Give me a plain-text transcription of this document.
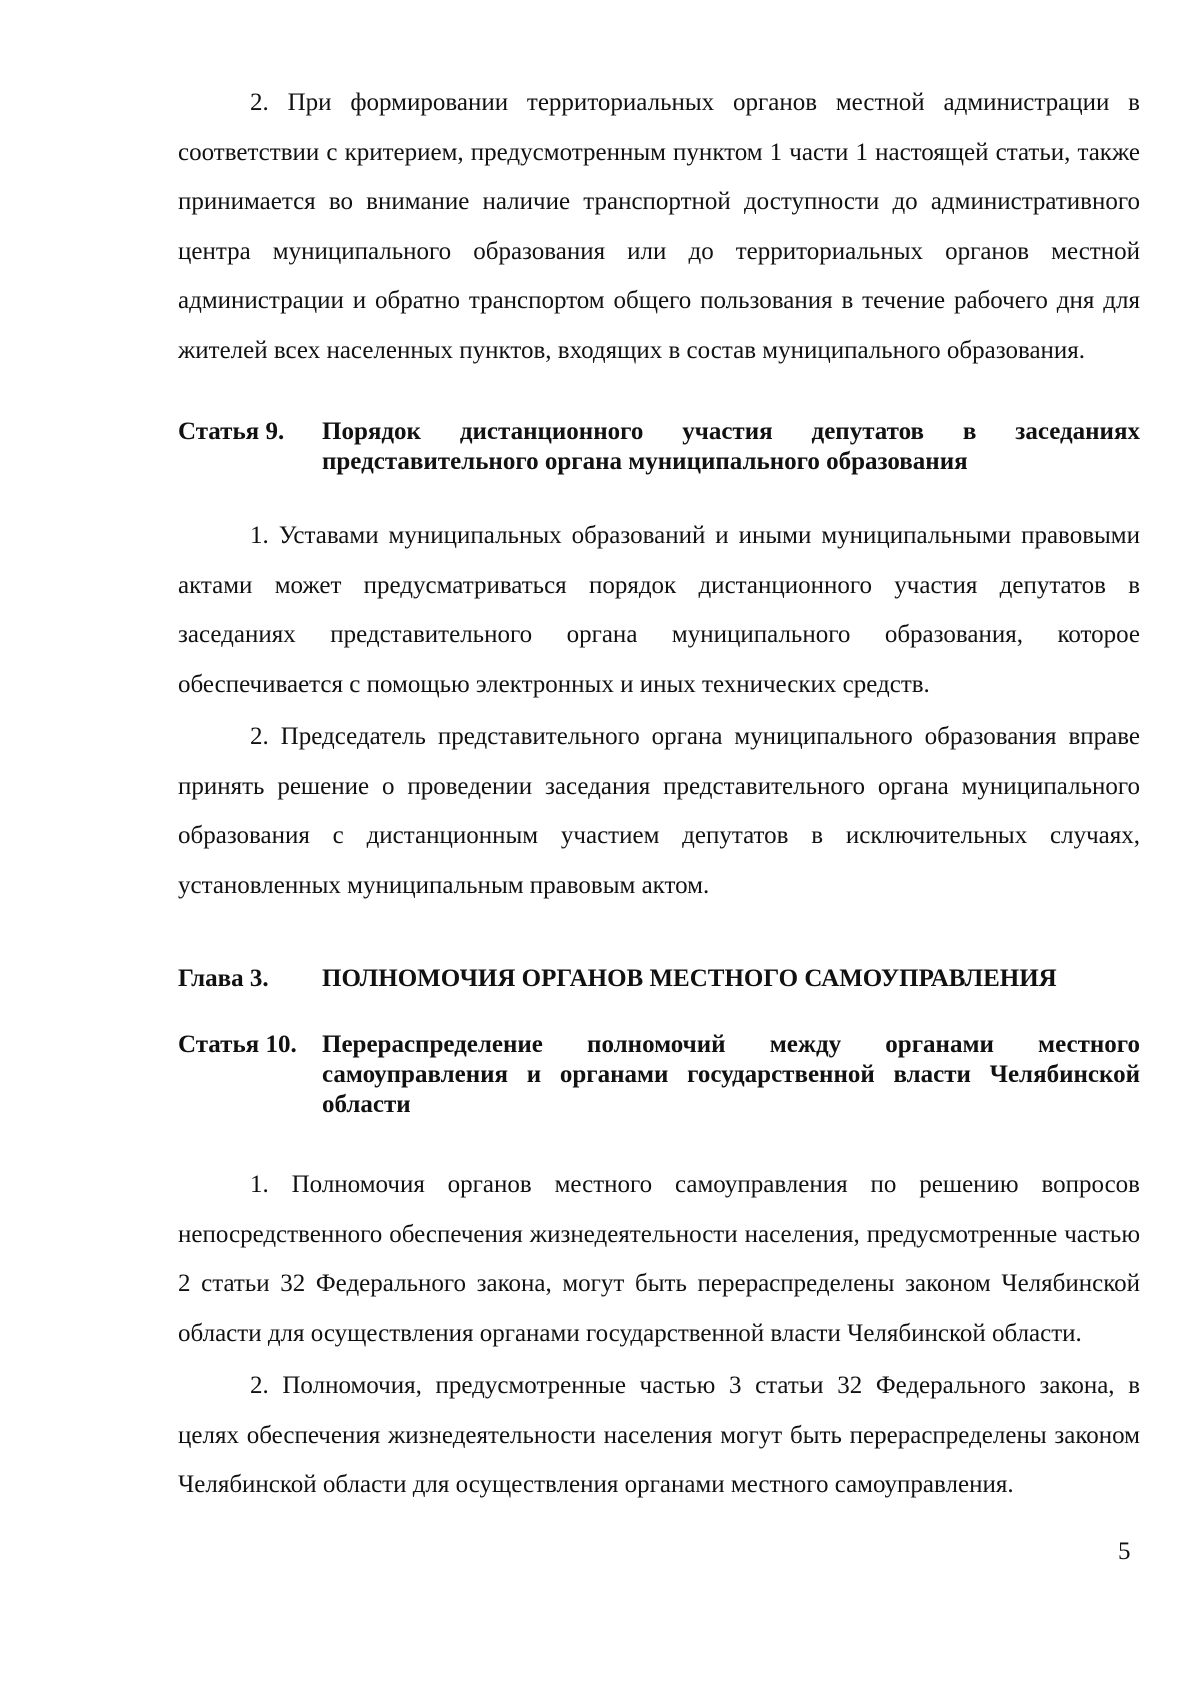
2. При формировании территориальных органов местной администрации в соответствии с критерием, предусмотренным пунктом 1 части 1 настоящей статьи, также принимается во внимание наличие транспортной доступности до административного центра муниципального образования или до территориальных органов местной администрации и обратно транспортом общего пользования в течение рабочего дня для жителей всех населенных пунктов, входящих в состав муниципального образования.

Статья 9.	Порядок дистанционного участия депутатов в заседаниях представительного органа муниципального образования

1. Уставами муниципальных образований и иными муниципальными правовыми актами может предусматриваться порядок дистанционного участия депутатов в заседаниях представительного органа муниципального образования, которое обеспечивается с помощью электронных и иных технических средств.

2. Председатель представительного органа муниципального образования вправе принять решение о проведении заседания представительного органа муниципального образования с дистанционным участием депутатов в исключительных случаях, установленных муниципальным правовым актом.

Глава 3.	ПОЛНОМОЧИЯ ОРГАНОВ МЕСТНОГО САМОУПРАВЛЕНИЯ
Статья 10.	Перераспределение полномочий между органами местного самоуправления и органами государственной власти Челябинской области

1. Полномочия органов местного самоуправления по решению вопросов непосредственного обеспечения жизнедеятельности населения, предусмотренные частью 2 статьи 32 Федерального закона, могут быть перераспределены законом Челябинской области для осуществления органами государственной власти Челябинской области.

2. Полномочия, предусмотренные частью 3 статьи 32 Федерального закона, в целях обеспечения жизнедеятельности населения могут быть перераспределены законом Челябинской области для осуществления органами местного самоуправления.

5
